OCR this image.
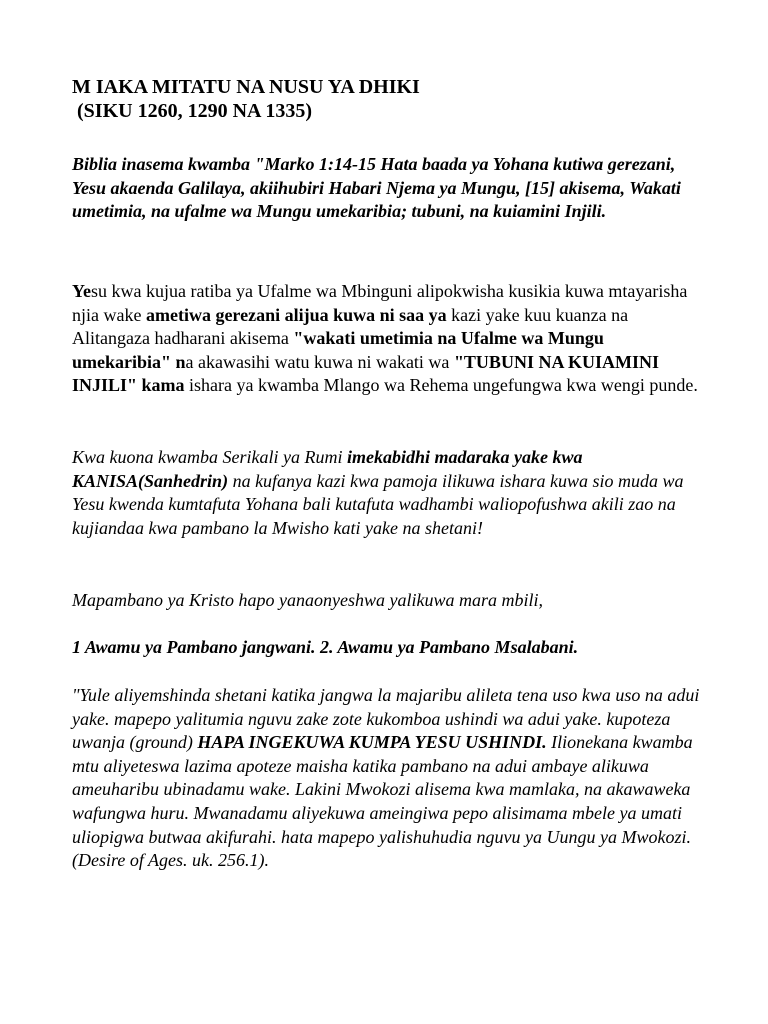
M IAKA MITATU NA NUSU YA DHIKI
(SIKU 1260, 1290 NA 1335)

Biblia inasema kwamba "Marko 1:14-15 Hata baada ya Yohana kutiwa gerezani, Yesu akaenda Galilaya, akiihubiri Habari Njema ya Mungu, [15] akisema, Wakati umetimia, na ufalme wa Mungu umekaribia; tubuni, na kuiamini Injili.

Yesu kwa kujua ratiba ya Ufalme wa Mbinguni alipokwisha kusikia kuwa mtayarisha njia wake ametiwa gerezani alijua kuwa ni saa ya kazi yake kuu kuanza na Alitangaza hadharani akisema "wakati umetimia na Ufalme wa Mungu umekaribia" na akawasihi watu kuwa ni wakati wa "TUBUNI NA KUIAMINI INJILI" kama ishara ya kwamba Mlango wa Rehema ungefungwa kwa wengi punde.

Kwa kuona kwamba Serikali ya Rumi imekabidhi madaraka yake kwa KANISA(Sanhedrin) na kufanya kazi kwa pamoja ilikuwa ishara kuwa sio muda wa Yesu kwenda kumtafuta Yohana bali kutafuta wadhambi waliopofushwa akili zao na kujiandaa kwa pambano la Mwisho kati yake na shetani!

Mapambano ya Kristo hapo yanaonyeshwa yalikuwa mara mbili,

1 Awamu ya Pambano jangwani. 2. Awamu ya Pambano Msalabani.

"Yule aliyemshinda shetani katika jangwa la majaribu alileta tena uso kwa uso na adui yake. mapepo yalitumia nguvu zake zote kukomboa ushindi wa adui yake. kupoteza uwanja (ground) HAPA INGEKUWA KUMPA YESU USHINDI. Ilionekana kwamba mtu aliyeteswa lazima apoteze maisha katika pambano na adui ambaye alikuwa ameuharibu ubinadamu wake. Lakini Mwokozi alisema kwa mamlaka, na akawaweka wafungwa huru. Mwanadamu aliyekuwa ameingiwa pepo alisimama mbele ya umati uliopigwa butwaa akifurahi. hata mapepo yalishuhudia nguvu ya Uungu ya Mwokozi. (Desire of Ages. uk. 256.1).
